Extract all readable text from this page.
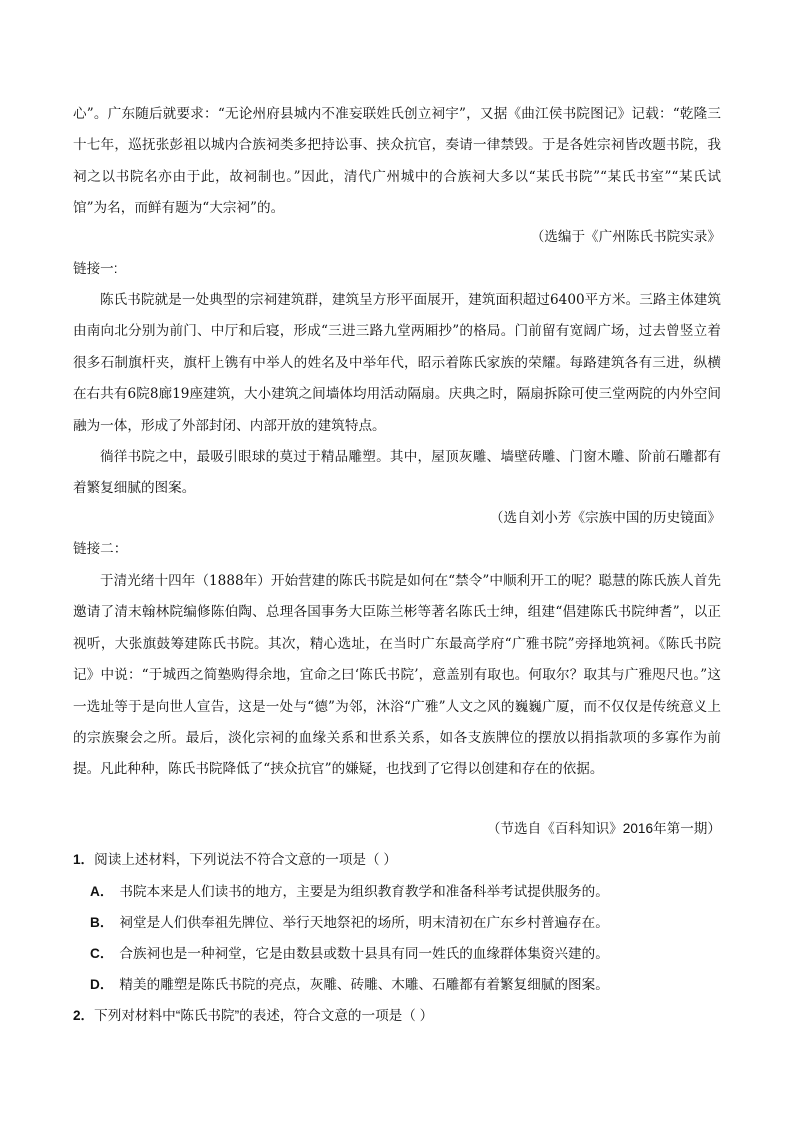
心”。广东随后就要求：“无论州府县城内不准妄联姓氏创立祠宇”，又据《曲江侯书院图记》记载：“乾隆三十七年，巡抚张彭祖以城内合族祠类多把持讼事、挟众抗官，奏请一律禁毁。于是各姓宗祠皆改题书院，我祠之以书院名亦由于此，故祠制也。”因此，清代广州城中的合族祠大多以“某氏书院”“某氏书室”“某氏试馆”为名，而鲜有题为“大宗祠”的。

（选编于《广州陈氏书院实录》
链接一:

陈氏书院就是一处典型的宗祠建筑群，建筑呈方形平面展开，建筑面积超过6400平方米。三路主体建筑由南向北分别为前门、中厅和后寝，形成“三进三路九堂两厢抄”的格局。门前留有宽阔广场，过去曾竖立着很多石制旗杆夹，旗杆上镌有中举人的姓名及中举年代，昭示着陈氏家族的荣耀。每路建筑各有三进，纵横在右共有6院8廊19座建筑，大小建筑之间墙体均用活动隔扇。庆典之时，隔扇拆除可使三堂两院的内外空间融为一体，形成了外部封闭、内部开放的建筑特点。

徜徉书院之中，最吸引眼球的莫过于精品雕塑。其中，屋顶灰雕、墙壁砖雕、门窗木雕、阶前石雕都有着繁复细腻的图案。

（选自刘小芳《宗族中国的历史镜面》
链接二：

于清光绪十四年（1888年）开始营建的陈氏书院是如何在“禁令”中顺利开工的呢？聪慧的陈氏族人首先邀请了清末翰林院编修陈伯陶、总理各国事务大臣陈兰彬等著名陈氏士绅，组建“倡建陈氏书院绅耆”，以正视听，大张旗鼓筹建陈氏书院。其次，精心选址，在当时广东最高学府“广雅书院”旁择地筑祠。《陈氏书院记》中说：“于城西之简塾购得余地，宜命之曰‘陈氏书院’，意盖别有取也。何取尔？取其与广雅咫尺也。”这一选址等于是向世人宣告，这是一处与“德”为邻，沐浴“广雅”人文之风的巍巍广厦，而不仅仅是传统意义上的宗族聚会之所。最后，淡化宗祠的血缘关系和世系关系，如各支族牌位的摆放以捐指款项的多寡作为前提。凡此种种，陈氏书院降低了“挟众抗官”的嫌疑，也找到了它得以创建和存在的依据。

（节选自《百科知识》2016年第一期）
1．阅读上述材料，下列说法不符合文意的一项是（ ）
A． 书院本来是人们读书的地方，主要是为组织教育教学和准备科举考试提供服务的。
B． 祠堂是人们供奉祖先牌位、举行天地祭祀的场所，明末清初在广东乡村普遍存在。
C． 合族祠也是一种祠堂，它是由数县或数十县具有同一姓氏的血缘群体集资兴建的。
D． 精美的雕塑是陈氏书院的亮点，灰雕、砖雕、木雕、石雕都有着繁复细腻的图案。
2．下列对材料中“陈氏书院”的表述，符合文意的一项是（ ）
